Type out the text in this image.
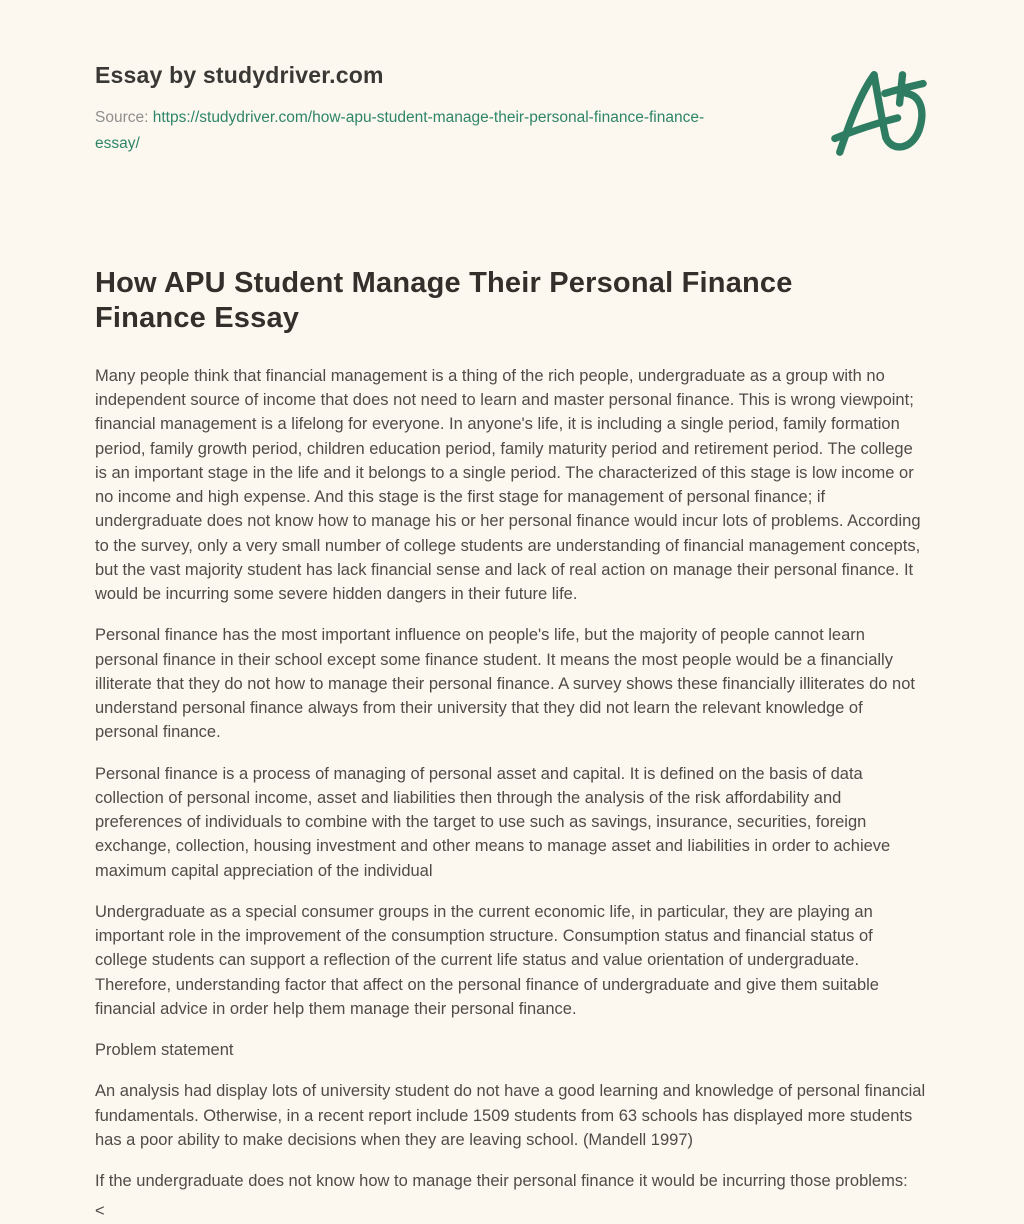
Essay by studydriver.com
Source: https://studydriver.com/how-apu-student-manage-their-personal-finance-finance-essay/
How APU Student Manage Their Personal Finance Finance Essay

Many people think that financial management is a thing of the rich people, undergraduate as a group with no independent source of income that does not need to learn and master personal finance. This is wrong viewpoint; financial management is a lifelong for everyone. In anyone's life, it is including a single period, family formation period, family growth period, children education period, family maturity period and retirement period. The college is an important stage in the life and it belongs to a single period. The characterized of this stage is low income or no income and high expense. And this stage is the first stage for management of personal finance; if undergraduate does not know how to manage his or her personal finance would incur lots of problems. According to the survey, only a very small number of college students are understanding of financial management concepts, but the vast majority student has lack financial sense and lack of real action on manage their personal finance. It would be incurring some severe hidden dangers in their future life.

Personal finance has the most important influence on people's life, but the majority of people cannot learn personal finance in their school except some finance student. It means the most people would be a financially illiterate that they do not how to manage their personal finance. A survey shows these financially illiterates do not understand personal finance always from their university that they did not learn the relevant knowledge of personal finance.

Personal finance is a process of managing of personal asset and capital. It is defined on the basis of data collection of personal income, asset and liabilities then through the analysis of the risk affordability and preferences of individuals to combine with the target to use such as savings, insurance, securities, foreign exchange, collection, housing investment and other means to manage asset and liabilities in order to achieve maximum capital appreciation of the individual

Undergraduate as a special consumer groups in the current economic life, in particular, they are playing an important role in the improvement of the consumption structure. Consumption status and financial status of college students can support a reflection of the current life status and value orientation of undergraduate. Therefore, understanding factor that affect on the personal finance of undergraduate and give them suitable financial advice in order help them manage their personal finance.

Problem statement

An analysis had display lots of university student do not have a good learning and knowledge of personal financial fundamentals. Otherwise, in a recent report include 1509 students from 63 schools has displayed more students has a poor ability to make decisions when they are leaving school. (Mandell 1997)

If the undergraduate does not know how to manage their personal finance it would be incurring those problems:

<
